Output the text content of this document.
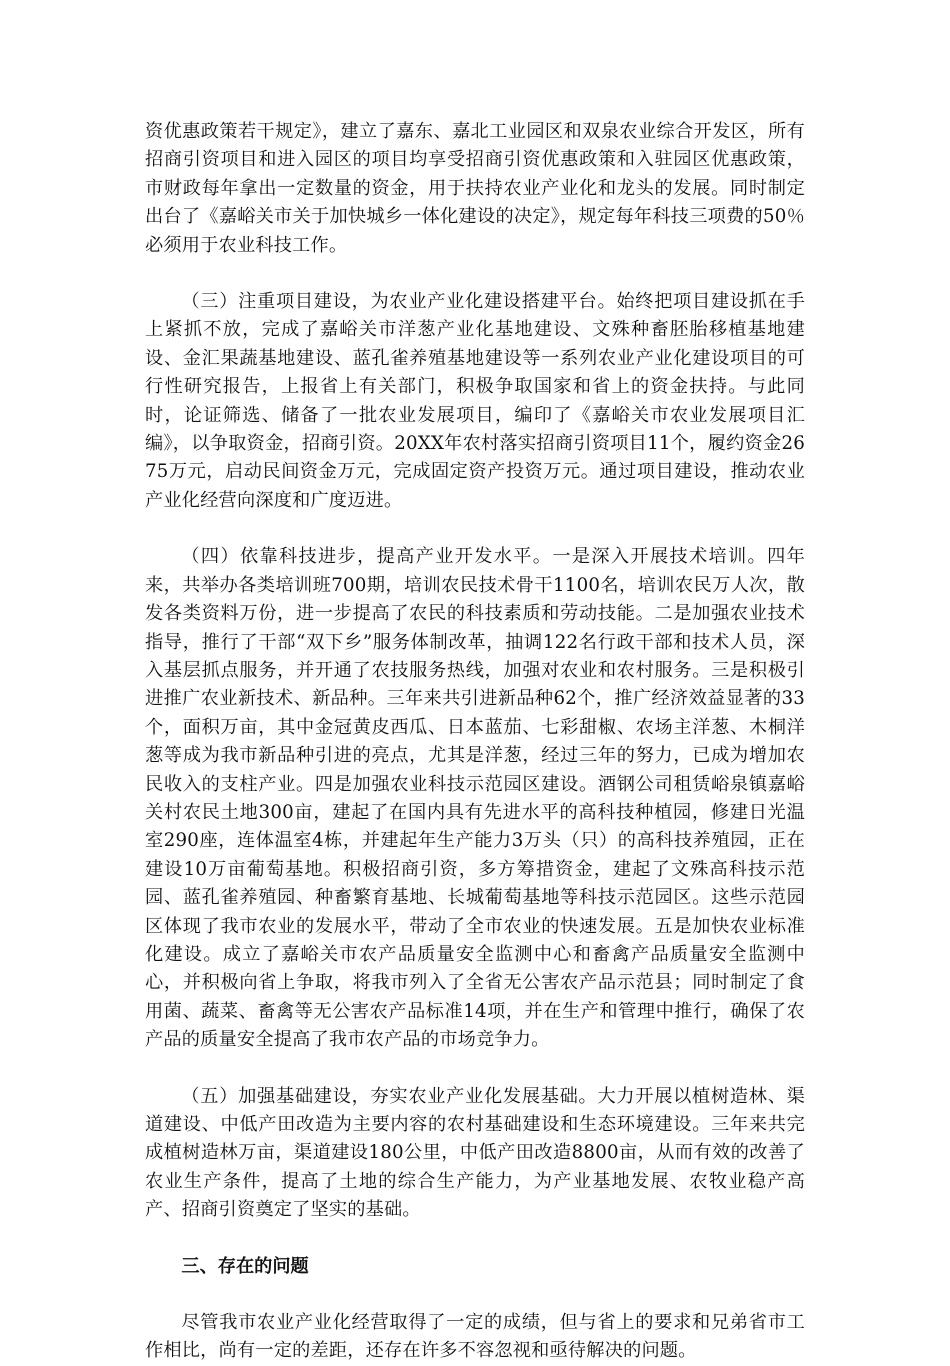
资优惠政策若干规定》，建立了嘉东、嘉北工业园区和双泉农业综合开发区，所有招商引资项目和进入园区的项目均享受招商引资优惠政策和入驻园区优惠政策，市财政每年拿出一定数量的资金，用于扶持农业产业化和龙头的发展。同时制定出台了《嘉峪关市关于加快城乡一体化建设的决定》，规定每年科技三项费的50％必须用于农业科技工作。

（三）注重项目建设，为农业产业化建设搭建平台。始终把项目建设抓在手上紧抓不放，完成了嘉峪关市洋葱产业化基地建设、文殊种畜胚胎移植基地建设、金汇果蔬基地建设、蓝孔雀养殖基地建设等一系列农业产业化建设项目的可行性研究报告，上报省上有关部门，积极争取国家和省上的资金扶持。与此同时，论证筛选、储备了一批农业发展项目，编印了《嘉峪关市农业发展项目汇编》，以争取资金，招商引资。20XX年农村落实招商引资项目11个，履约资金2675万元，启动民间资金万元，完成固定资产投资万元。通过项目建设，推动农业产业化经营向深度和广度迈进。

（四）依靠科技进步，提高产业开发水平。一是深入开展技术培训。四年来，共举办各类培训班700期，培训农民技术骨干1100名，培训农民万人次，散发各类资料万份，进一步提高了农民的科技素质和劳动技能。二是加强农业技术指导，推行了干部“双下乡”服务体制改革，抽调122名行政干部和技术人员，深入基层抓点服务，并开通了农技服务热线，加强对农业和农村服务。三是积极引进推广农业新技术、新品种。三年来共引进新品种62个，推广经济效益显著的33个，面积万亩，其中金冠黄皮西瓜、日本蓝茄、七彩甜椒、农场主洋葱、木桐洋葱等成为我市新品种引进的亮点，尤其是洋葱，经过三年的努力，已成为增加农民收入的支柱产业。四是加强农业科技示范园区建设。酒钢公司租赁峪泉镇嘉峪关村农民土地300亩，建起了在国内具有先进水平的高科技种植园，修建日光温室290座，连体温室4栋，并建起年生产能力3万头（只）的高科技养殖园，正在建设10万亩葡萄基地。积极招商引资，多方筹措资金，建起了文殊高科技示范园、蓝孔雀养殖园、种畜繁育基地、长城葡萄基地等科技示范园区。这些示范园区体现了我市农业的发展水平，带动了全市农业的快速发展。五是加快农业标准化建设。成立了嘉峪关市农产品质量安全监测中心和畜禽产品质量安全监测中心，并积极向省上争取，将我市列入了全省无公害农产品示范县；同时制定了食用菌、蔬菜、畜禽等无公害农产品标准14项，并在生产和管理中推行，确保了农产品的质量安全提高了我市农产品的市场竞争力。

（五）加强基础建设，夯实农业产业化发展基础。大力开展以植树造林、渠道建设、中低产田改造为主要内容的农村基础建设和生态环境建设。三年来共完成植树造林万亩，渠道建设180公里，中低产田改造8800亩，从而有效的改善了农业生产条件，提高了土地的综合生产能力，为产业基地发展、农牧业稳产高产、招商引资奠定了坚实的基础。

三、存在的问题

尽管我市农业产业化经营取得了一定的成绩，但与省上的要求和兄弟省市工作相比，尚有一定的差距，还存在许多不容忽视和亟待解决的问题。
